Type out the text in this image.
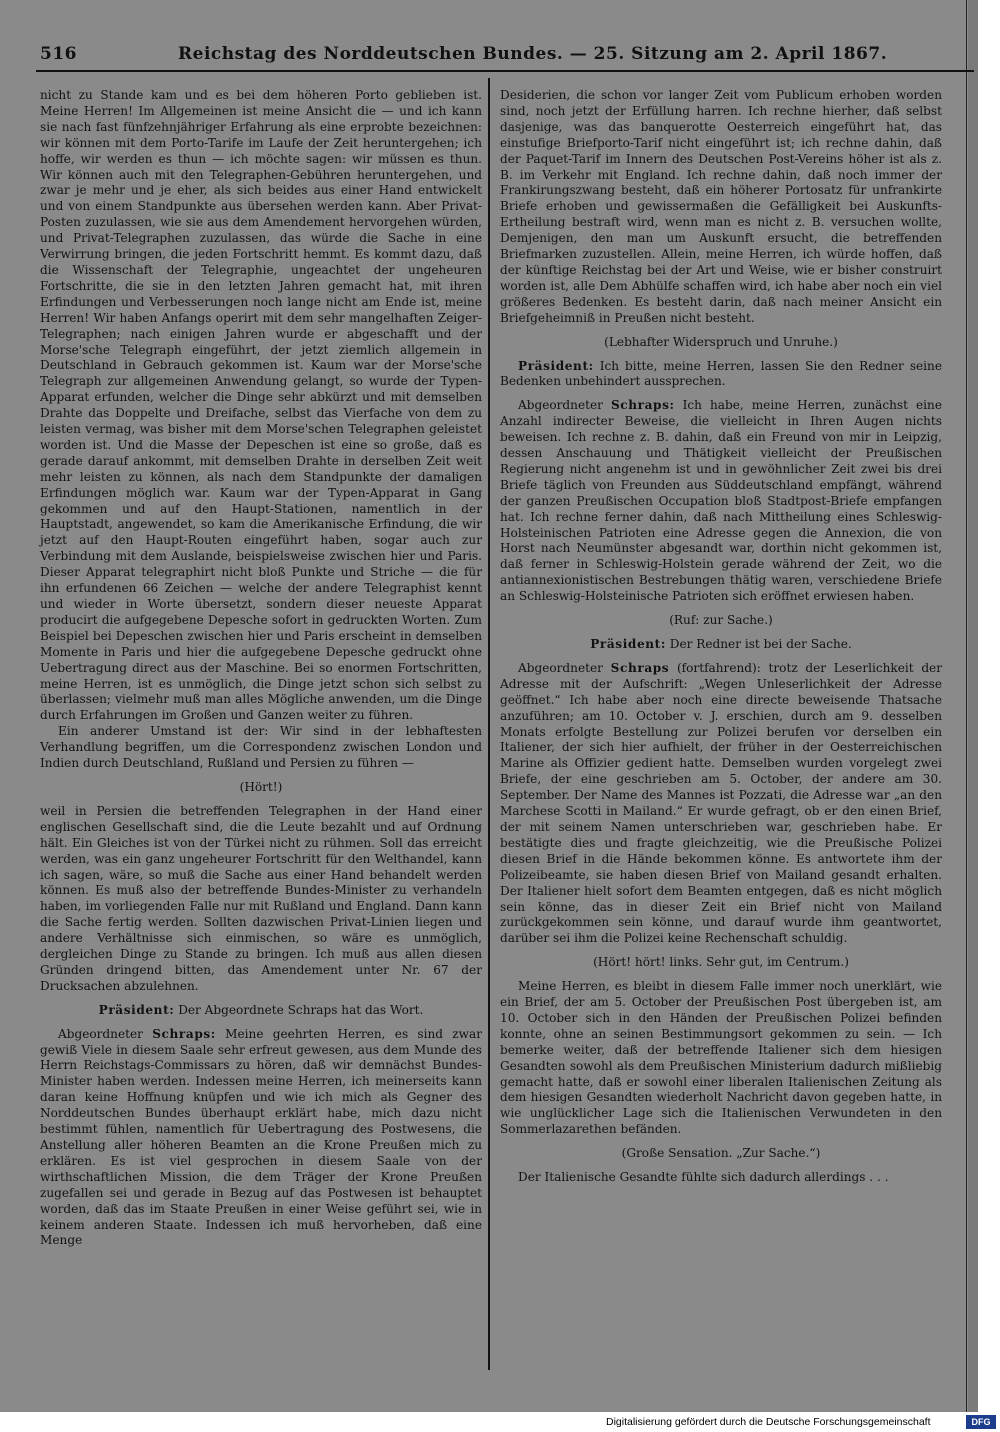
516	Reichstag des Norddeutschen Bundes. — 25. Sitzung am 2. April 1867.

nicht zu Stande kam und es bei dem höheren Porto geblieben ist. Meine Herren! Im Allgemeinen ist meine Ansicht die — und ich kann sie nach fast fünfzehnjähriger Erfahrung als eine erprobte bezeichnen: wir können mit dem Porto-Tarife im Laufe der Zeit heruntergehen; ich hoffe, wir werden es thun — ich möchte sagen: wir müssen es thun. Wir können auch mit den Telegraphen-Gebühren heruntergehen, und zwar je mehr und je eher, als sich beides aus einer Hand entwickelt und von einem Standpunkte aus übersehen werden kann. Aber Privat-Posten zuzulassen, wie sie aus dem Amendement hervorgehen würden, und Privat-Telegraphen zuzulassen, das würde die Sache in eine Verwirrung bringen, die jeden Fortschritt hemmt. Es kommt dazu, daß die Wissenschaft der Telegraphie, ungeachtet der ungeheuren Fortschritte, die sie in den letzten Jahren gemacht hat, mit ihren Erfindungen und Verbesserungen noch lange nicht am Ende ist, meine Herren! Wir haben Anfangs operirt mit dem sehr mangelhaften Zeiger-Telegraphen; nach einigen Jahren wurde er abgeschafft und der Morse'sche Telegraph eingeführt, der jetzt ziemlich allgemein in Deutschland in Gebrauch gekommen ist. Kaum war der Morse'sche Telegraph zur allgemeinen Anwendung gelangt, so wurde der Typen-Apparat erfunden, welcher die Dinge sehr abkürzt und mit demselben Drahte das Doppelte und Dreifache, selbst das Vierfache von dem zu leisten vermag, was bisher mit dem Morse'schen Telegraphen geleistet worden ist. Und die Masse der Depeschen ist eine so große, daß es gerade darauf ankommt, mit demselben Drahte in derselben Zeit weit mehr leisten zu können, als nach dem Standpunkte der damaligen Erfindungen möglich war. Kaum war der Typen-Apparat in Gang gekommen und auf den Haupt-Stationen, namentlich in der Hauptstadt, angewendet, so kam die Amerikanische Erfindung, die wir jetzt auf den Haupt-Routen eingeführt haben, sogar auch zur Verbindung mit dem Auslande, beispielsweise zwischen hier und Paris. Dieser Apparat telegraphirt nicht bloß Punkte und Striche — die für ihn erfundenen 66 Zeichen — welche der andere Telegraphist kennt und wieder in Worte übersetzt, sondern dieser neueste Apparat producirt die aufgegebene Depesche sofort in gedruckten Worten. Zum Beispiel bei Depeschen zwischen hier und Paris erscheint in demselben Momente in Paris und hier die aufgegebene Depesche gedruckt ohne Uebertragung direct aus der Maschine. Bei so enormen Fortschritten, meine Herren, ist es unmöglich, die Dinge jetzt schon sich selbst zu überlassen; vielmehr muß man alles Mögliche anwenden, um die Dinge durch Erfahrungen im Großen und Ganzen weiter zu führen.

Ein anderer Umstand ist der: Wir sind in der lebhaftesten Verhandlung begriffen, um die Correspondenz zwischen London und Indien durch Deutschland, Rußland und Persien zu führen —

(Hört!)

weil in Persien die betreffenden Telegraphen in der Hand einer englischen Gesellschaft sind, die die Leute bezahlt und auf Ordnung hält. Ein Gleiches ist von der Türkei nicht zu rühmen. Soll das erreicht werden, was ein ganz ungeheurer Fortschritt für den Welthandel, kann ich sagen, wäre, so muß die Sache aus einer Hand behandelt werden können. Es muß also der betreffende Bundes-Minister zu verhandeln haben, im vorliegenden Falle nur mit Rußland und England. Dann kann die Sache fertig werden. Sollten dazwischen Privat-Linien liegen und andere Verhältnisse sich einmischen, so wäre es unmöglich, dergleichen Dinge zu Stande zu bringen. Ich muß aus allen diesen Gründen dringend bitten, das Amendement unter Nr. 67 der Drucksachen abzulehnen.

Präsident: Der Abgeordnete Schraps hat das Wort.

Abgeordneter Schraps: Meine geehrten Herren, es sind zwar gewiß Viele in diesem Saale sehr erfreut gewesen, aus dem Munde des Herrn Reichstags-Commissars zu hören, daß wir demnächst Bundes-Minister haben werden. Indessen meine Herren, ich meinerseits kann daran keine Hoffnung knüpfen und wie ich mich als Gegner des Norddeutschen Bundes überhaupt erklärt habe, mich dazu nicht bestimmt fühlen, namentlich für Uebertragung des Postwesens, die Anstellung aller höheren Beamten an die Krone Preußen mich zu erklären. Es ist viel gesprochen in diesem Saale von der wirthschaftlichen Mission, die dem Träger der Krone Preußen zugefallen sei und gerade in Bezug auf das Postwesen ist behauptet worden, daß das im Staate Preußen in einer Weise geführt sei, wie in keinem anderen Staate. Indessen ich muß hervorheben, daß eine Menge

Desiderien, die schon vor langer Zeit vom Publicum erhoben worden sind, noch jetzt der Erfüllung harren. Ich rechne hierher, daß selbst dasjenige, was das banquerotte Oesterreich eingeführt hat, das einstufige Briefporto-Tarif nicht eingeführt ist; ich rechne dahin, daß der Paquet-Tarif im Innern des Deutschen Post-Vereins höher ist als z. B. im Verkehr mit England. Ich rechne dahin, daß noch immer der Frankirungszwang besteht, daß ein höherer Portosatz für unfrankirte Briefe erhoben und gewissermaßen die Gefälligkeit bei Auskunfts-Ertheilung bestraft wird, wenn man es nicht z. B. versuchen wollte, Demjenigen, den man um Auskunft ersucht, die betreffenden Briefmarken zuzustellen. Allein, meine Herren, ich würde hoffen, daß der künftige Reichstag bei der Art und Weise, wie er bisher construirt worden ist, alle Dem Abhülfe schaffen wird, ich habe aber noch ein viel größeres Bedenken. Es besteht darin, daß nach meiner Ansicht ein Briefgeheimniß in Preußen nicht besteht.

(Lebhafter Widerspruch und Unruhe.)

Präsident: Ich bitte, meine Herren, lassen Sie den Redner seine Bedenken unbehindert aussprechen.

Abgeordneter Schraps: Ich habe, meine Herren, zunächst eine Anzahl indirecter Beweise, die vielleicht in Ihren Augen nichts beweisen. Ich rechne z. B. dahin, daß ein Freund von mir in Leipzig, dessen Anschauung und Thätigkeit vielleicht der Preußischen Regierung nicht angenehm ist und in gewöhnlicher Zeit zwei bis drei Briefe täglich von Freunden aus Süddeutschland empfängt, während der ganzen Preußischen Occupation bloß Stadtpost-Briefe empfangen hat. Ich rechne ferner dahin, daß nach Mittheilung eines Schleswig-Holsteinischen Patrioten eine Adresse gegen die Annexion, die von Horst nach Neumünster abgesandt war, dorthin nicht gekommen ist, daß ferner in Schleswig-Holstein gerade während der Zeit, wo die antiannexionistischen Bestrebungen thätig waren, verschiedene Briefe an Schleswig-Holsteinische Patrioten sich eröffnet erwiesen haben.

(Ruf: zur Sache.)

Präsident: Der Redner ist bei der Sache.

Abgeordneter Schraps (fortfahrend): trotz der Leserlichkeit der Adresse mit der Aufschrift: „Wegen Unleserlichkeit der Adresse geöffnet.“ Ich habe aber noch eine directe beweisende Thatsache anzuführen; am 10. October v. J. erschien, durch am 9. desselben Monats erfolgte Bestellung zur Polizei berufen vor derselben ein Italiener, der sich hier aufhielt, der früher in der Oesterreichischen Marine als Offizier gedient hatte. Demselben wurden vorgelegt zwei Briefe, der eine geschrieben am 5. October, der andere am 30. September. Der Name des Mannes ist Pozzati, die Adresse war „an den Marchese Scotti in Mailand.“ Er wurde gefragt, ob er den einen Brief, der mit seinem Namen unterschrieben war, geschrieben habe. Er bestätigte dies und fragte gleichzeitig, wie die Preußische Polizei diesen Brief in die Hände bekommen könne. Es antwortete ihm der Polizeibeamte, sie haben diesen Brief von Mailand gesandt erhalten. Der Italiener hielt sofort dem Beamten entgegen, daß es nicht möglich sein könne, das in dieser Zeit ein Brief nicht von Mailand zurückgekommen sein könne, und darauf wurde ihm geantwortet, darüber sei ihm die Polizei keine Rechenschaft schuldig.

(Hört! hört! links. Sehr gut, im Centrum.)

Meine Herren, es bleibt in diesem Falle immer noch unerklärt, wie ein Brief, der am 5. October der Preußischen Post übergeben ist, am 10. October sich in den Händen der Preußischen Polizei befinden konnte, ohne an seinen Bestimmungsort gekommen zu sein. — Ich bemerke weiter, daß der betreffende Italiener sich dem hiesigen Gesandten sowohl als dem Preußischen Ministerium dadurch mißliebig gemacht hatte, daß er sowohl einer liberalen Italienischen Zeitung als dem hiesigen Gesandten wiederholt Nachricht davon gegeben hatte, in wie unglücklicher Lage sich die Italienischen Verwundeten in den Sommerlazarethen befänden.

(Große Sensation. „Zur Sache.“)

Der Italienische Gesandte fühlte sich dadurch allerdings . . .

Digitalisierung gefördert durch die Deutsche Forschungsgemeinschaft	DFG
